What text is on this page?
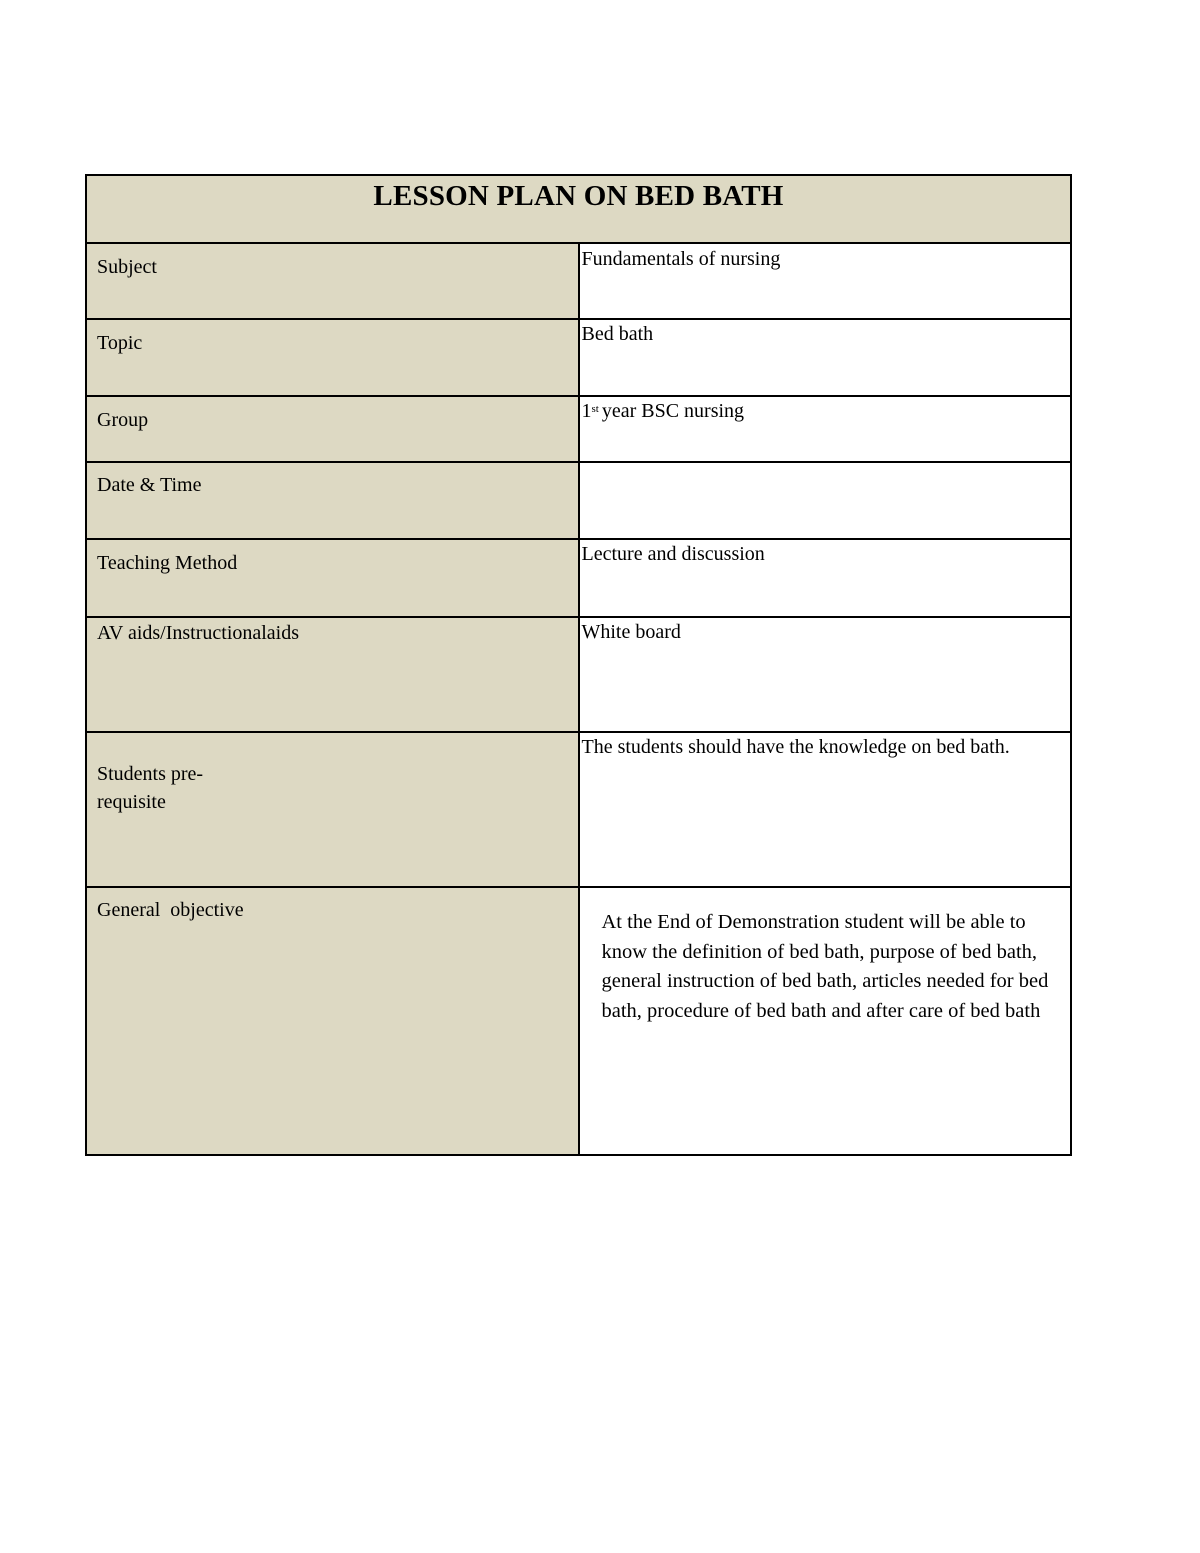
LESSON PLAN ON BED BATH	

Subject	Fundamentals of nursing

Topic	Bed bath

Group	1st year BSC nursing

Date & Time	

Teaching Method	Lecture and discussion

AV aids/Instructionalaids	White board

Students pre-
requisite	The students should have the knowledge on bed bath.

General  objective	At the End of Demonstration student will be able to know the definition of bed bath, purpose of bed bath, general instruction of bed bath, articles needed for bed bath, procedure of bed bath and after care of bed bath
